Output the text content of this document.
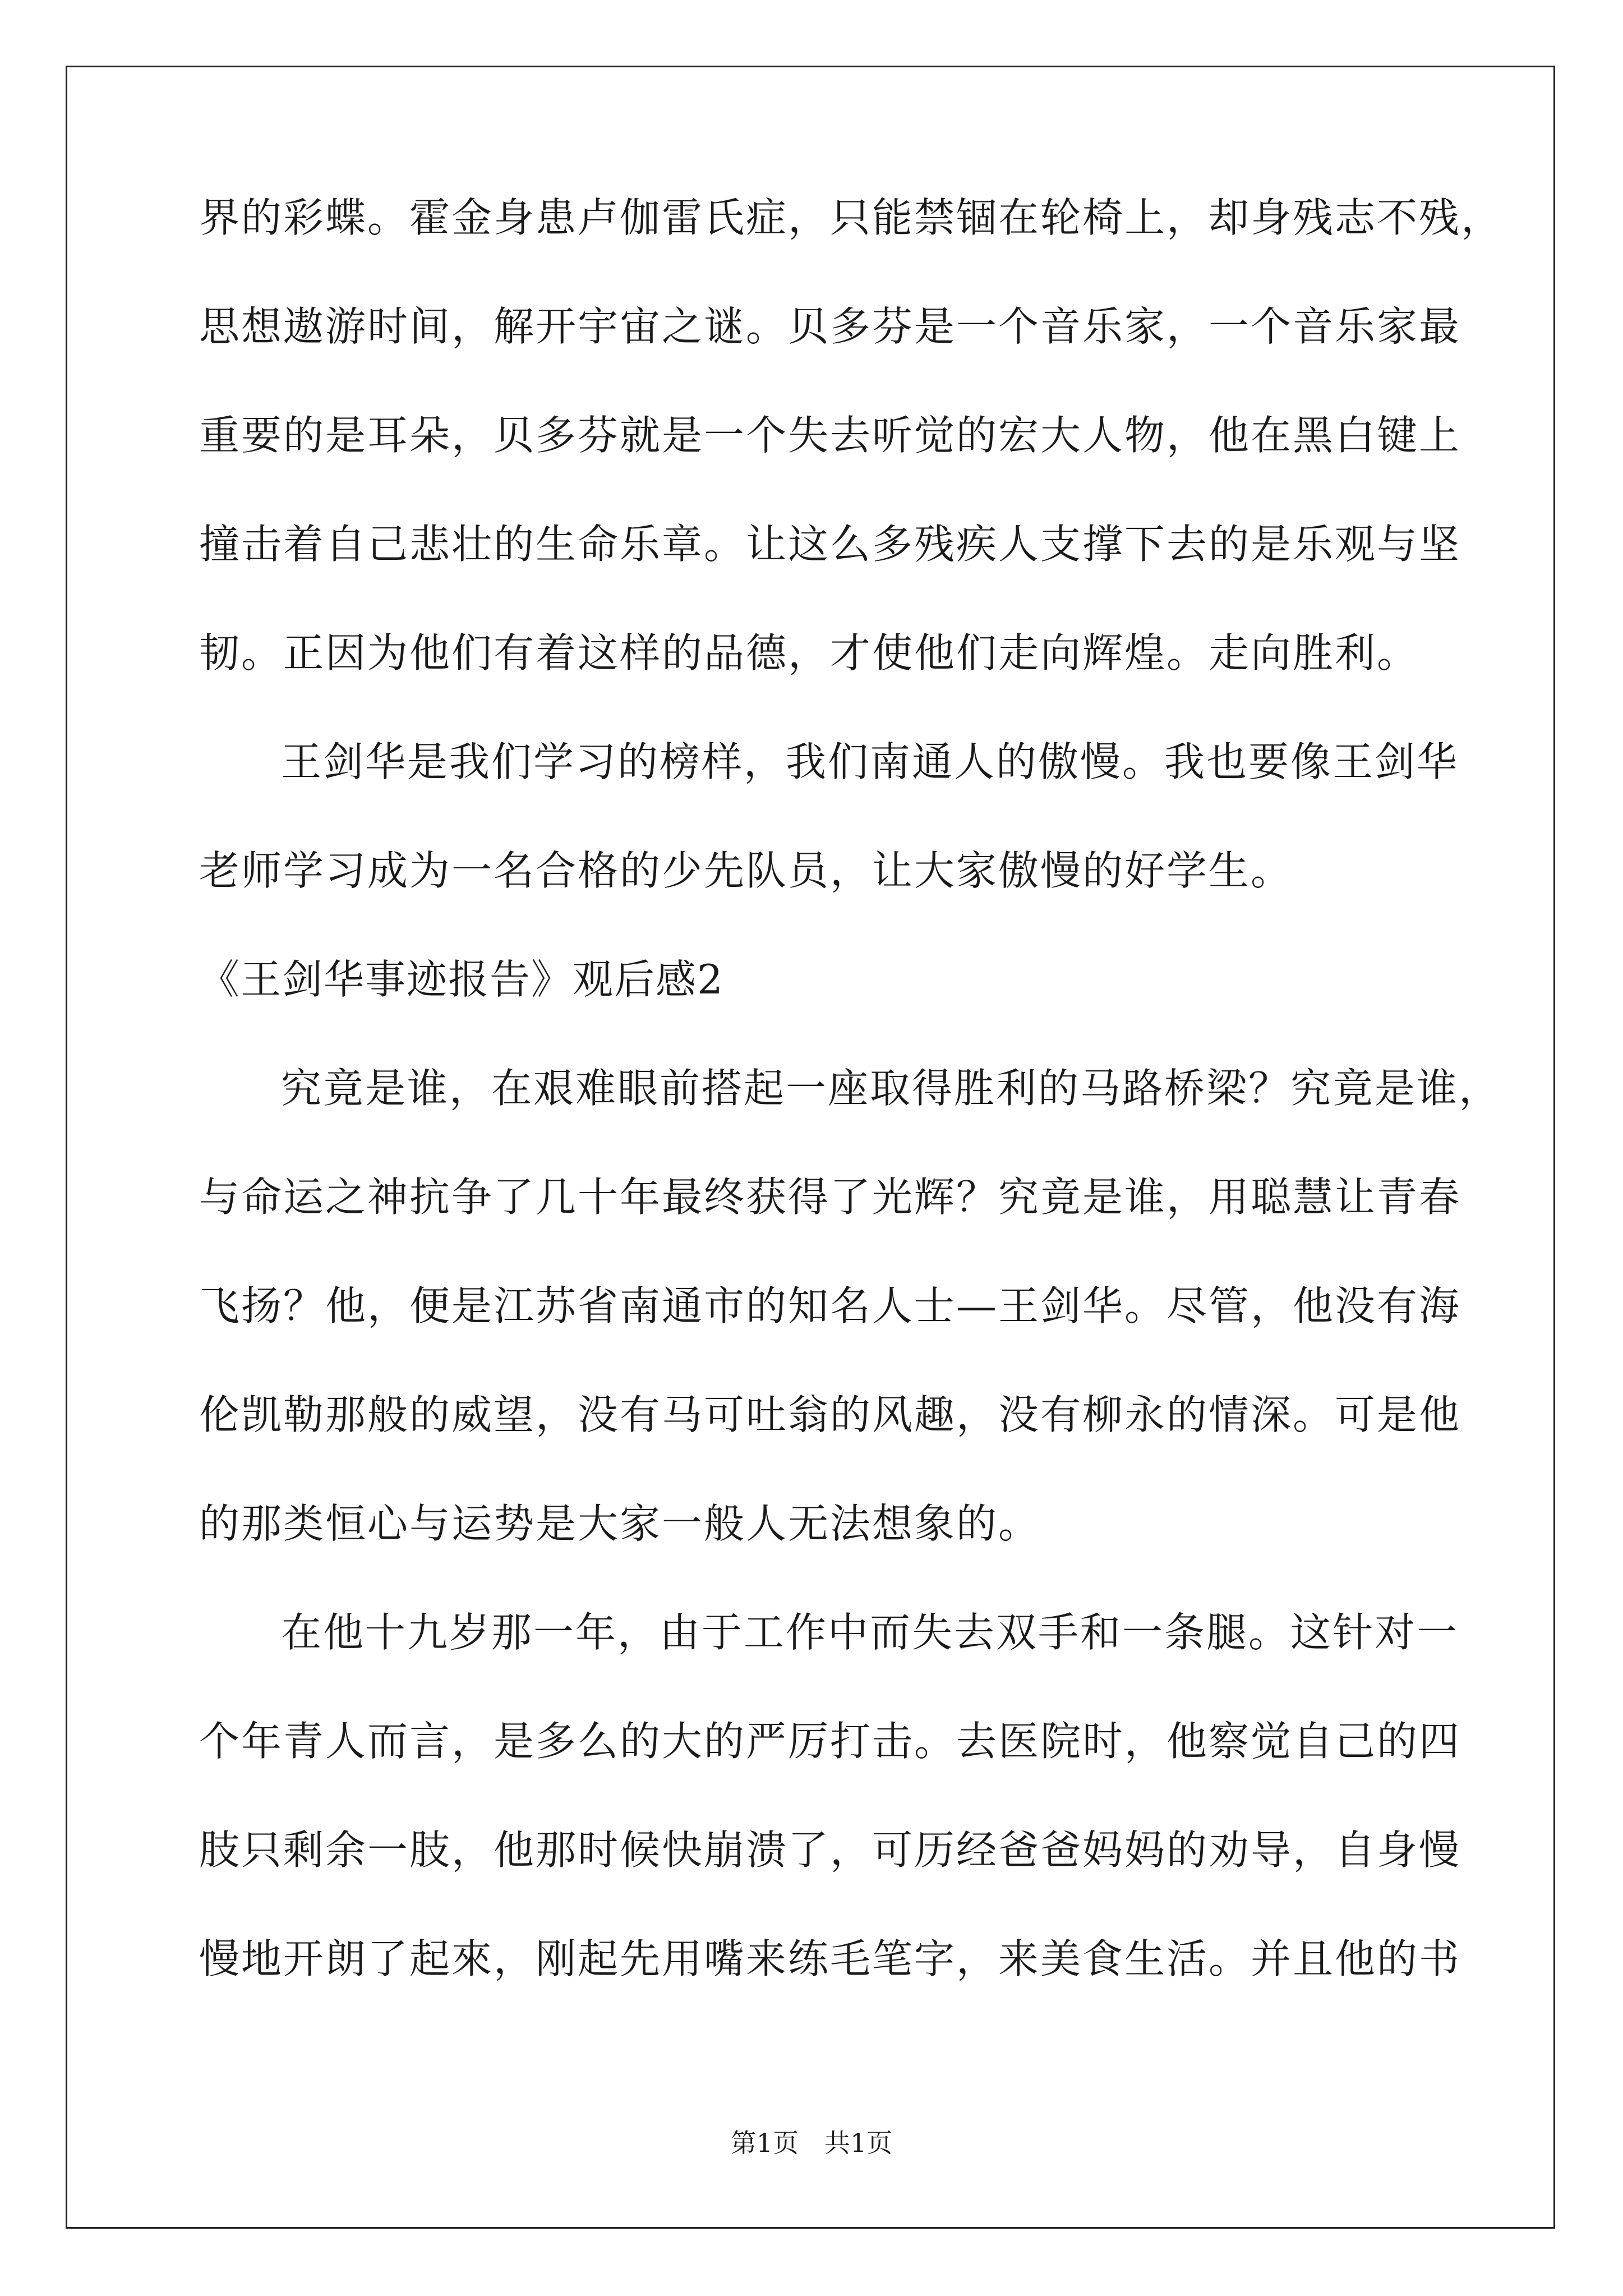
界的彩蝶。霍金身患卢伽雷氏症，只能禁锢在轮椅上，却身残志不残，
思想遨游时间，解开宇宙之谜。贝多芬是一个音乐家，一个音乐家最
重要的是耳朵，贝多芬就是一个失去听觉的宏大人物，他在黑白键上
撞击着自己悲壮的生命乐章。让这么多残疾人支撑下去的是乐观与坚
韧。正因为他们有着这样的品德，才使他们走向辉煌。走向胜利。
王剑华是我们学习的榜样，我们南通人的傲慢。我也要像王剑华
老师学习成为一名合格的少先队员，让大家傲慢的好学生。
《王剑华事迹报告》观后感2
究竟是谁，在艰难眼前搭起一座取得胜利的马路桥梁？究竟是谁，
与命运之神抗争了几十年最终获得了光辉？究竟是谁，用聪慧让青春
飞扬？他，便是江苏省南通市的知名人士—王剑华。尽管，他没有海
伦凯勒那般的威望，没有马可吐翁的风趣，没有柳永的情深。可是他
的那类恒心与运势是大家一般人无法想象的。
在他十九岁那一年，由于工作中而失去双手和一条腿。这针对一
个年青人而言，是多么的大的严厉打击。去医院时，他察觉自己的四
肢只剩余一肢，他那时候快崩溃了，可历经爸爸妈妈的劝导，自身慢
慢地开朗了起來，刚起先用嘴来练毛笔字，来美食生活。并且他的书
第1页　共1页
